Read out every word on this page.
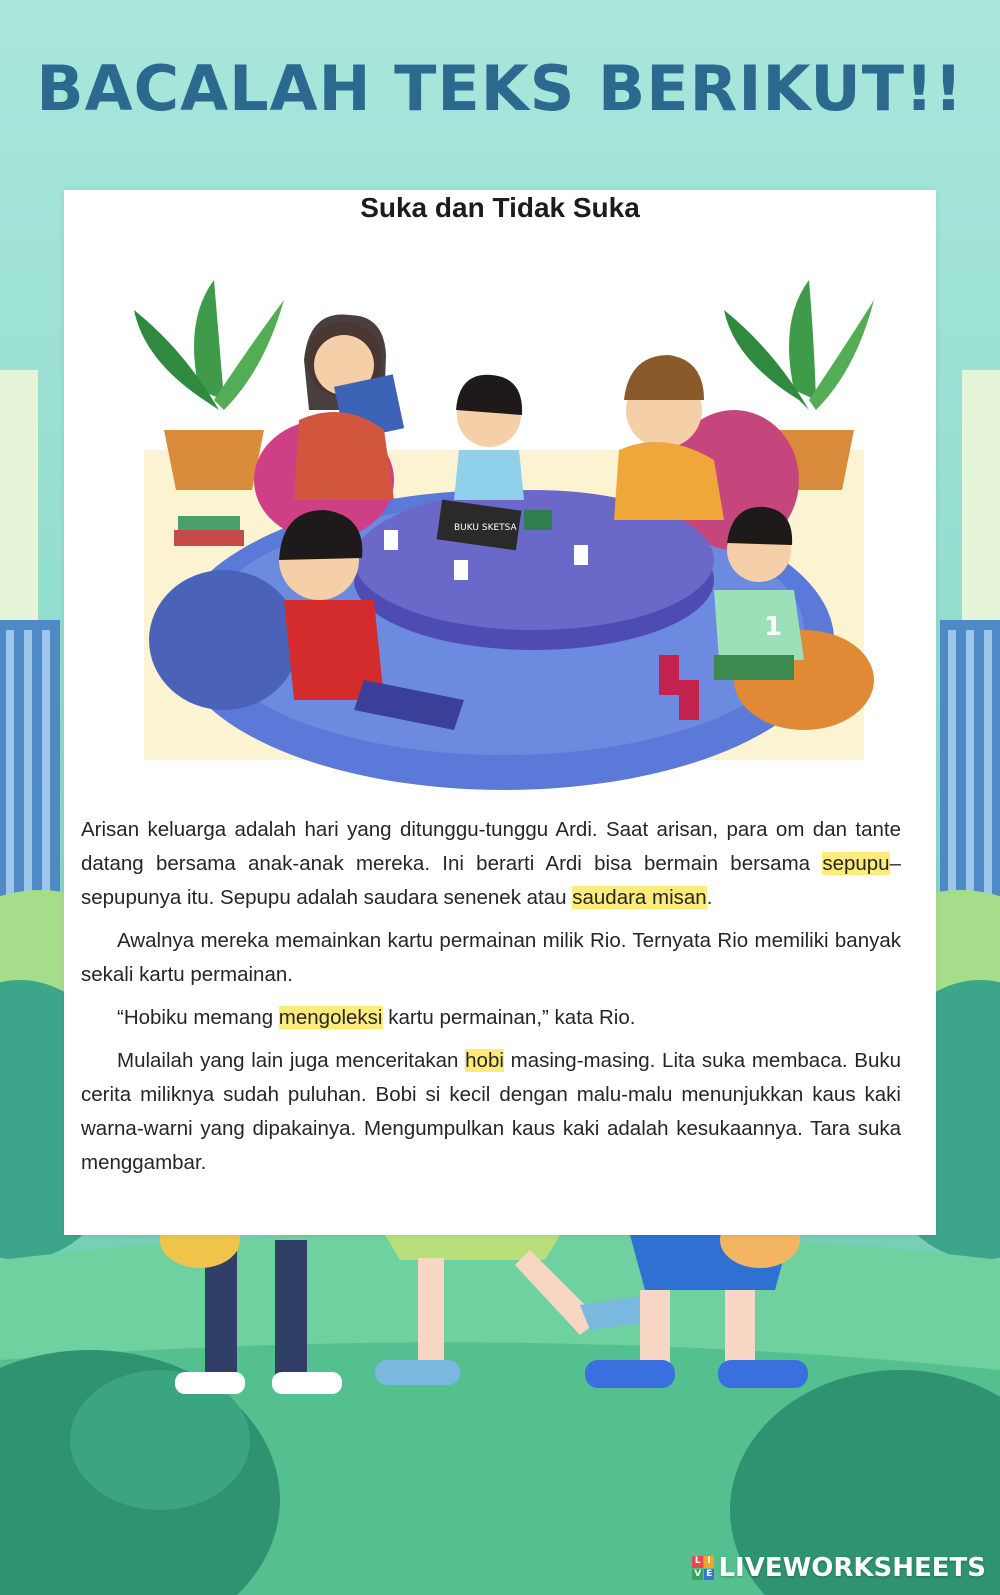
BACALAH TEKS BERIKUT!!
Suka dan Tidak Suka
BUKU SKETSA
1

Arisan keluarga adalah hari yang ditunggu-tunggu Ardi. Saat arisan, para om dan tante datang bersama anak-anak mereka. Ini berarti Ardi bisa bermain bersama sepupu–sepupunya itu. Sepupu adalah saudara senenek atau saudara misan.

Awalnya mereka memainkan kartu permainan milik Rio. Ternyata Rio memiliki banyak sekali kartu permainan.

“Hobiku memang mengoleksi kartu permainan,” kata Rio.

Mulailah yang lain juga menceritakan hobi masing-masing. Lita suka membaca. Buku cerita miliknya sudah puluhan. Bobi si kecil dengan malu-malu menunjukkan kaus kaki warna-warni yang dipakainya. Mengumpulkan kaus kaki adalah kesukaannya. Tara suka menggambar.

L I
V E LIVEWORKSHEETS
